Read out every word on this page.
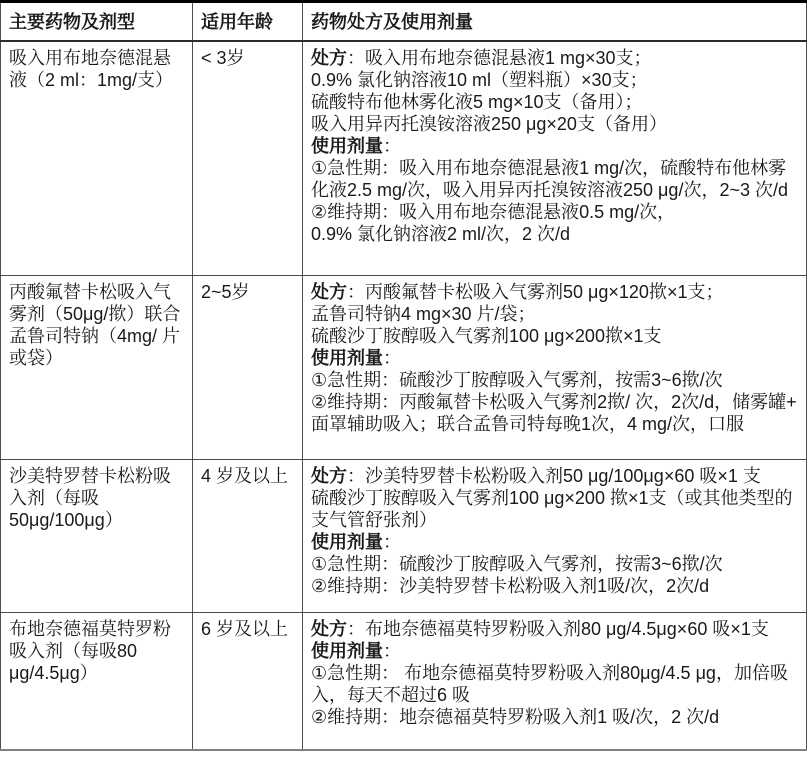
主要药物及剂型	适用年龄	药物处方及使用剂量
吸入用布地奈德混悬液（2 ml：1mg/支）	< 3岁	处方：吸入用布地奈德混悬液1 mg×30支；
0.9% 氯化钠溶液10 ml（塑料瓶）×30支；
硫酸特布他林雾化液5 mg×10支（备用）；
吸入用异丙托溴铵溶液250 μg×20支（备用）
使用剂量：
①急性期：吸入用布地奈德混悬液1 mg/次，硫酸特布他林雾化液2.5 mg/次，吸入用异丙托溴铵溶液250 μg/次，2~3 次/d
②维持期：吸入用布地奈德混悬液0.5 mg/次，
0.9% 氯化钠溶液2 ml/次，2 次/d

丙酸氟替卡松吸入气雾剂（50μg/揿）联合孟鲁司特钠（4mg/ 片或袋）	2~5岁	处方：丙酸氟替卡松吸入气雾剂50 μg×120揿×1支；
孟鲁司特钠4 mg×30 片/袋；
硫酸沙丁胺醇吸入气雾剂100 μg×200揿×1支
使用剂量：
①急性期：硫酸沙丁胺醇吸入气雾剂，按需3~6揿/次
②维持期：丙酸氟替卡松吸入气雾剂2揿/ 次，2次/d，储雾罐+ 面罩辅助吸入；联合孟鲁司特每晚1次，4 mg/次，口服

沙美特罗替卡松粉吸入剂（每吸50μg/100μg）	4 岁及以上	处方：沙美特罗替卡松粉吸入剂50 μg/100μg×60 吸×1 支
硫酸沙丁胺醇吸入气雾剂100 μg×200 揿×1支（或其他类型的支气管舒张剂）
使用剂量：
①急性期：硫酸沙丁胺醇吸入气雾剂，按需3~6揿/次
②维持期：沙美特罗替卡松粉吸入剂1吸/次，2次/d

布地奈德福莫特罗粉吸入剂（每吸80 μg/4.5μg）	6 岁及以上	处方：布地奈德福莫特罗粉吸入剂80 μg/4.5μg×60 吸×1支
使用剂量：
①急性期： 布地奈德福莫特罗粉吸入剂80μg/4.5 μg，加倍吸入，每天不超过6 吸
②维持期：地奈德福莫特罗粉吸入剂1 吸/次，2 次/d
